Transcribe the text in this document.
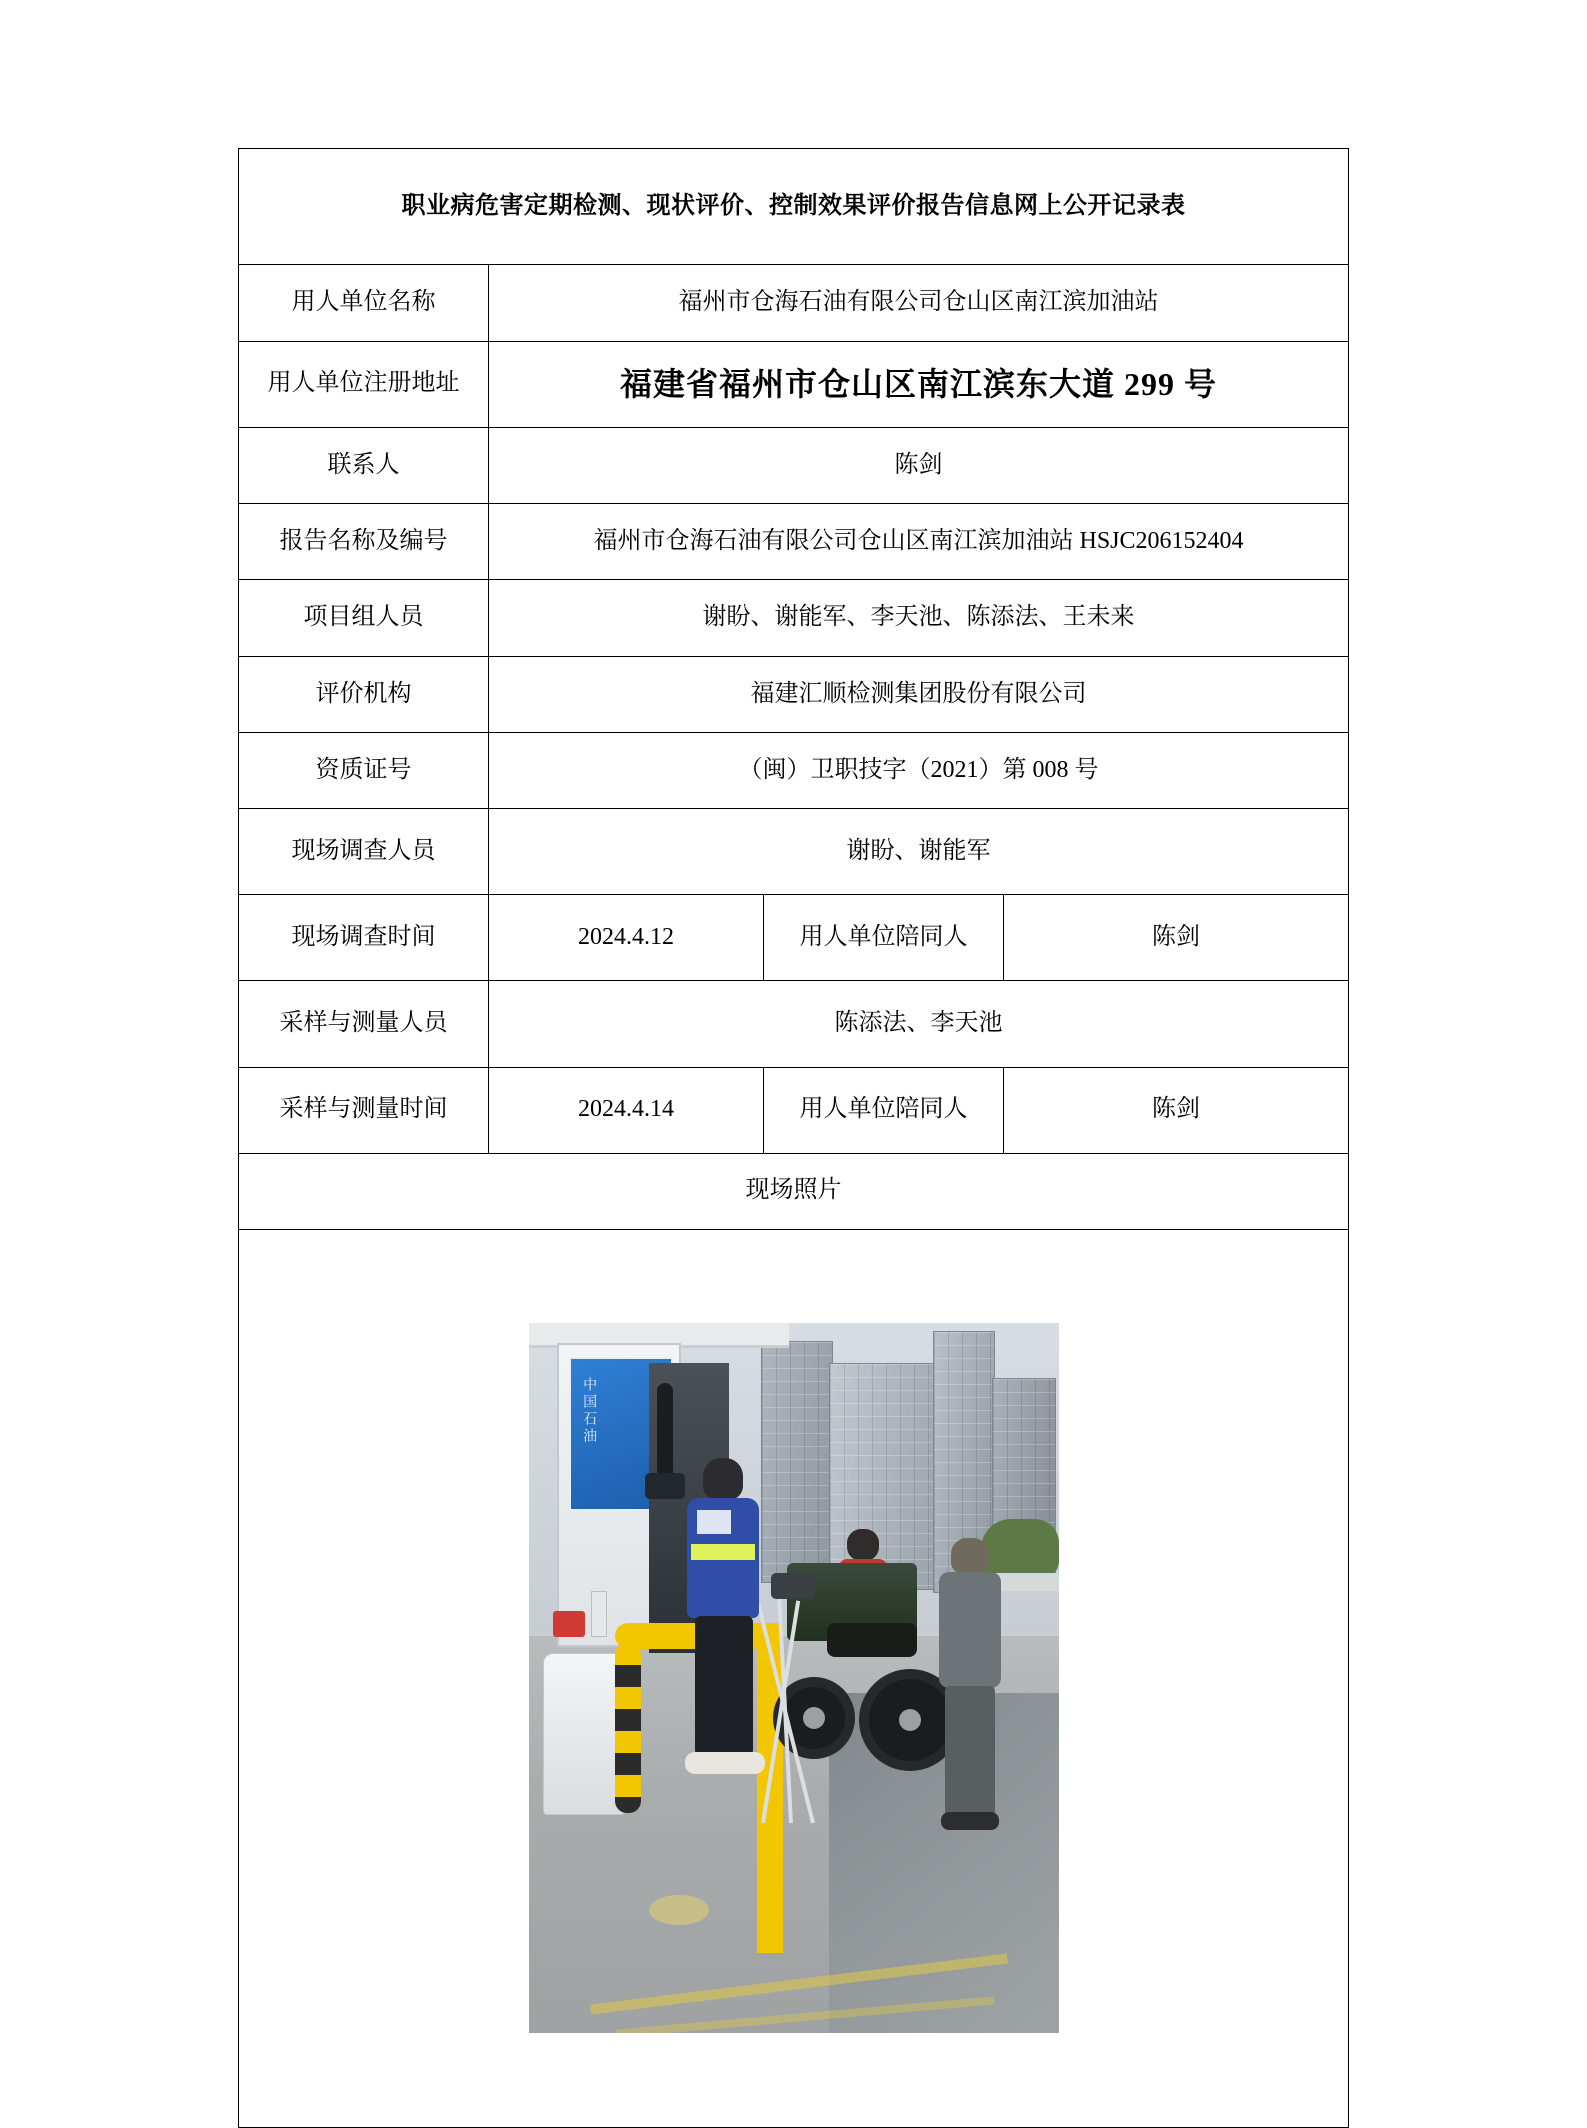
职业病危害定期检测、现状评价、控制效果评价报告信息网上公开记录表			
用人单位名称	福州市仓海石油有限公司仓山区南江滨加油站		
用人单位注册地址	福建省福州市仓山区南江滨东大道 299 号		
联系人	陈剑		
报告名称及编号	福州市仓海石油有限公司仓山区南江滨加油站 HSJC206152404		
项目组人员	谢盼、谢能军、李天池、陈添法、王未来		
评价机构	福建汇顺检测集团股份有限公司		
资质证号	（闽）卫职技字（2021）第 008 号		
现场调查人员	谢盼、谢能军		
现场调查时间	2024.4.12	用人单位陪同人	陈剑
采样与测量人员	陈添法、李天池		
采样与测量时间	2024.4.14	用人单位陪同人	陈剑
现场照片			

中国石油			
